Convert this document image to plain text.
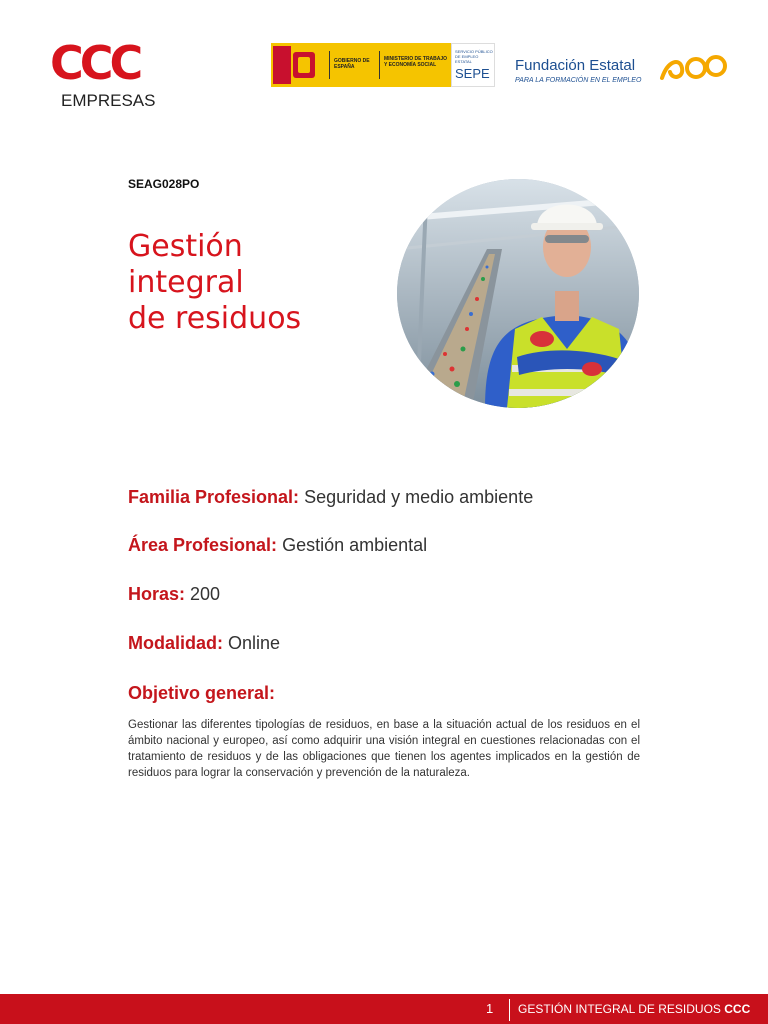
CCC
EMPRESAS
GOBIERNO DE ESPAÑA
MINISTERIO DE TRABAJO Y ECONOMÍA SOCIAL
SERVICIO PÚBLICO DE EMPLEO ESTATAL
SEPE Fundación Estatal
PARA LA FORMACIÓN EN EL EMPLEO
SEAG028PO
Gestión
integral
de residuos
Familia Profesional: Seguridad y medio ambiente
Área Profesional: Gestión ambiental
Horas: 200
Modalidad: Online
Objetivo general:

Gestionar las diferentes tipologías de residuos, en base a la situación actual de los residuos en el ámbito nacional y europeo, así como adquirir una visión integral en cuestiones relacionadas con el tratamiento de residuos y de las obligaciones que tienen los agentes implicados en la gestión de residuos para lograr la conservación y prevención de la naturaleza.

1 GESTIÓN INTEGRAL DE RESIDUOS CCC
